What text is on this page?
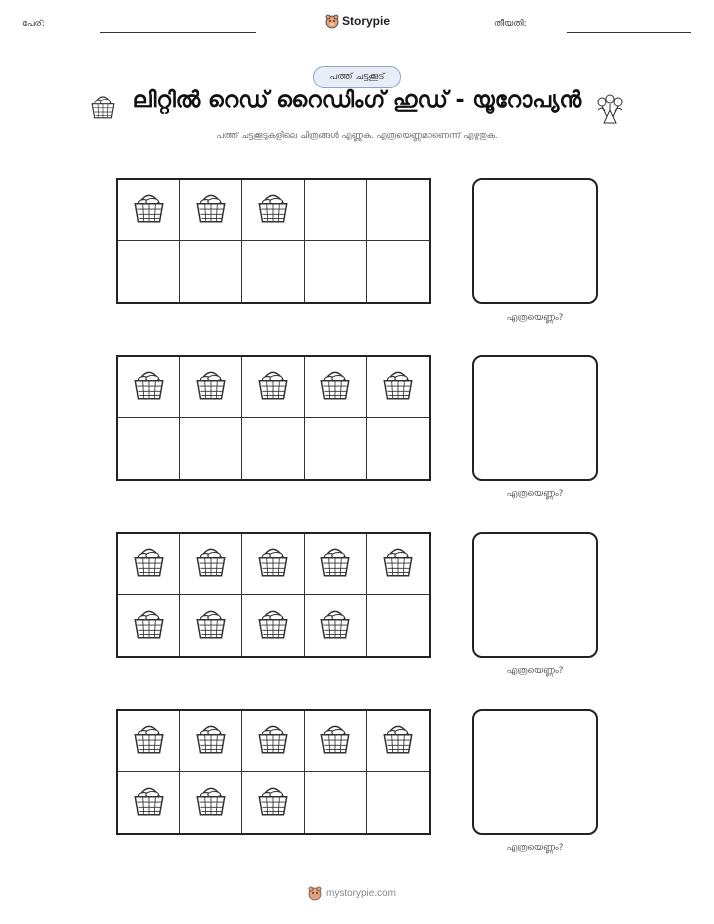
പേര്:	Storypie	തീയതി:
പത്ത് ചട്ടക്കൂട്
ലിറ്റിൽ റെഡ് റൈഡിംഗ് ഹുഡ് - യൂറോപ്യൻ
പത്ത് ചട്ടക്കൂടുകളിലെ ചിത്രങ്ങൾ എണ്ണുക. എത്രയെണ്ണമാണെന്ന് എഴുതുക.
എത്രയെണ്ണം?
എത്രയെണ്ണം?
എത്രയെണ്ണം?
എത്രയെണ്ണം?
mystorypie.com
